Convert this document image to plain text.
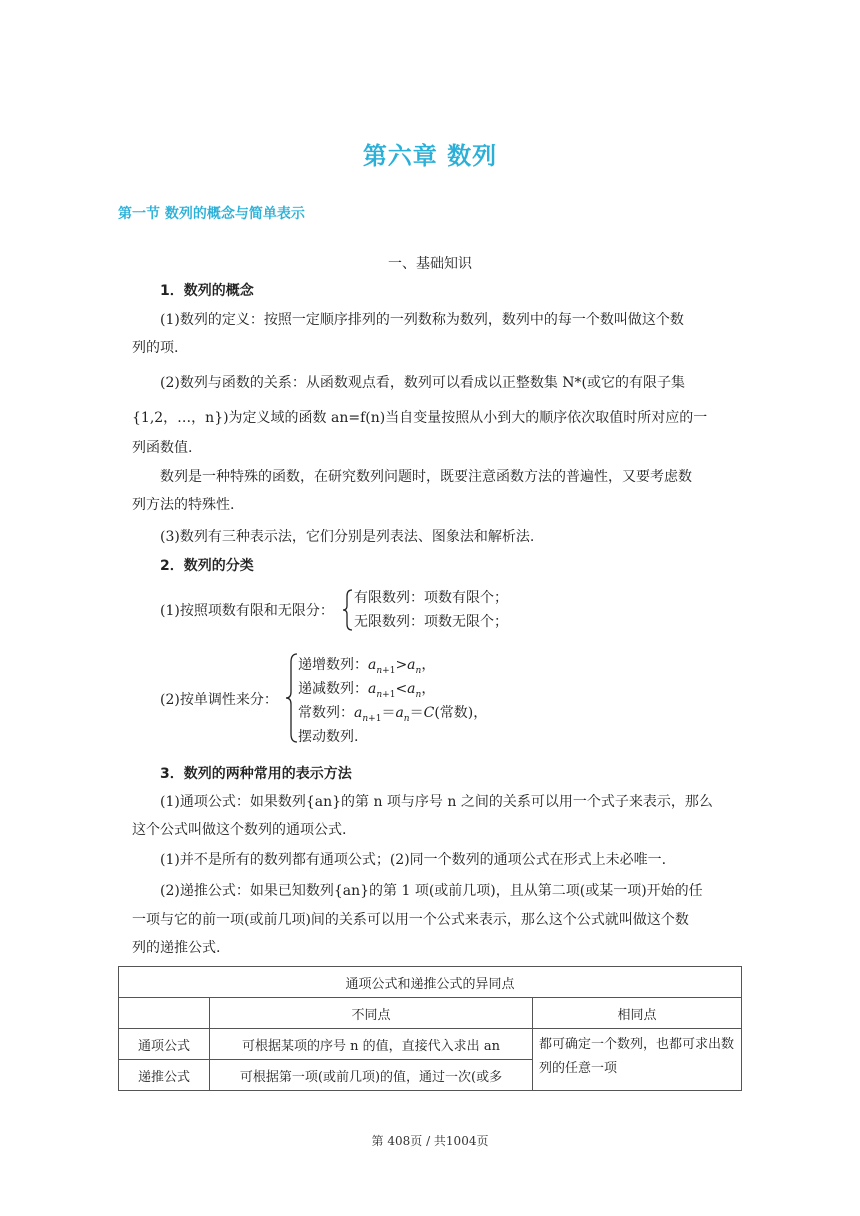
第六章 数列
第一节 数列的概念与简单表示
一、基础知识
1．数列的概念
(1)数列的定义：按照一定顺序排列的一列数称为数列，数列中的每一个数叫做这个数
列的项.
(2)数列与函数的关系：从函数观点看，数列可以看成以正整数集 N*(或它的有限子集
{1,2，…，n})为定义域的函数 an=f(n)当自变量按照从小到大的顺序依次取值时所对应的一
列函数值.
数列是一种特殊的函数，在研究数列问题时，既要注意函数方法的普遍性，又要考虑数
列方法的特殊性.
(3)数列有三种表示法，它们分别是列表法、图象法和解析法.
2．数列的分类
(1)按照项数有限和无限分：
有限数列：项数有限个；
无限数列：项数无限个；
(2)按单调性来分：
递增数列：$a_{n+1}>a_n$，
递减数列：$a_{n+1}<a_n$，
常数列：$a_{n+1}=a_n=C$(常数)，
摆动数列.
3．数列的两种常用的表示方法
(1)通项公式：如果数列{an}的第 n 项与序号 n 之间的关系可以用一个式子来表示，那么
这个公式叫做这个数列的通项公式.
(1)并不是所有的数列都有通项公式；(2)同一个数列的通项公式在形式上未必唯一.
(2)递推公式：如果已知数列{an}的第 1 项(或前几项)，且从第二项(或某一项)开始的任
一项与它的前一项(或前几项)间的关系可以用一个公式来表示，那么这个公式就叫做这个数
列的递推公式.
通项公式和递推公式的异同点		
	不同点	相同点
通项公式	可根据某项的序号 n 的值，直接代入求出 an	都可确定一个数列，也都可求出数列的任意一项
递推公式	可根据第一项(或前几项)的值，通过一次(或多	
第 408页 / 共1004页
